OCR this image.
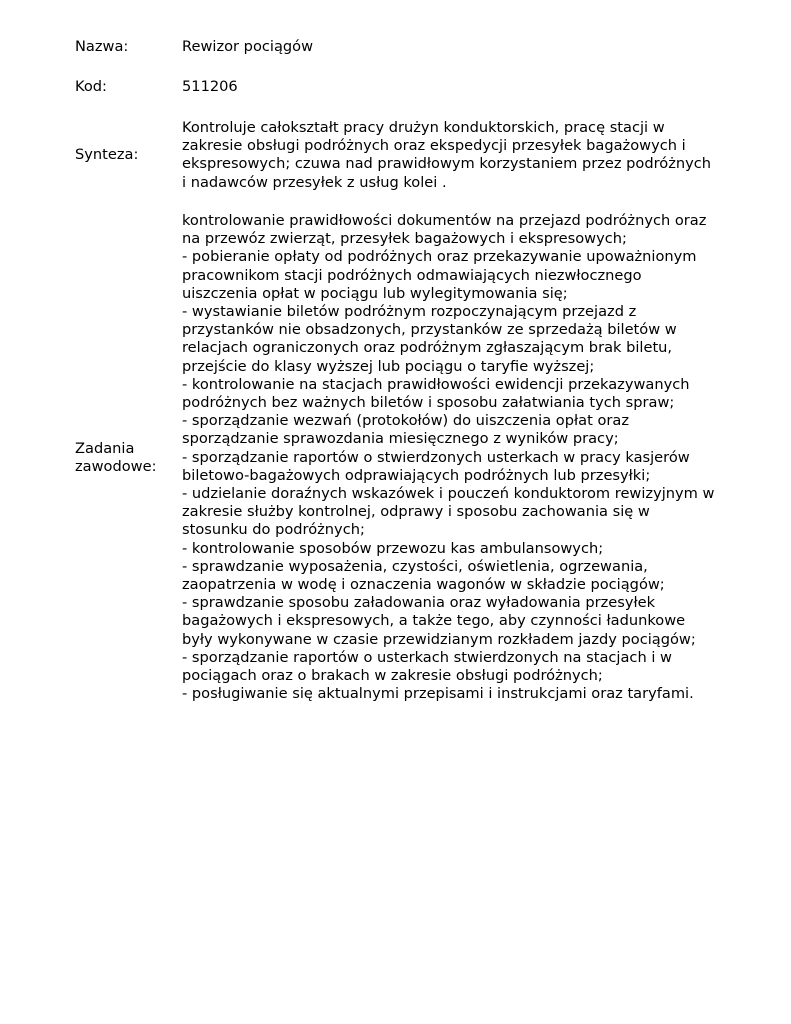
Nazwa:	Rewizor pociągów
Kod:	511206
Synteza:
Kontroluje całokształt pracy drużyn konduktorskich, pracę stacji w
zakresie obsługi podróżnych oraz ekspedycji przesyłek bagażowych i
ekspresowych; czuwa nad prawidłowym korzystaniem przez podróżnych
i nadawców przesyłek z usług kolei .
Zadania
zawodowe:
kontrolowanie prawidłowości dokumentów na przejazd podróżnych oraz
na przewóz zwierząt, przesyłek bagażowych i ekspresowych;
- pobieranie opłaty od podróżnych oraz przekazywanie upoważnionym
pracownikom stacji podróżnych odmawiających niezwłocznego
uiszczenia opłat w pociągu lub wylegitymowania się;
- wystawianie biletów podróżnym rozpoczynającym przejazd z
przystanków nie obsadzonych, przystanków ze sprzedażą biletów w
relacjach ograniczonych oraz podróżnym zgłaszającym brak biletu,
przejście do klasy wyższej lub pociągu o taryfie wyższej;
- kontrolowanie na stacjach prawidłowości ewidencji przekazywanych
podróżnych bez ważnych biletów i sposobu załatwiania tych spraw;
- sporządzanie wezwań (protokołów) do uiszczenia opłat oraz
sporządzanie sprawozdania miesięcznego z wyników pracy;
- sporządzanie raportów o stwierdzonych usterkach w pracy kasjerów
biletowo-bagażowych odprawiających podróżnych lub przesyłki;
- udzielanie doraźnych wskazówek i pouczeń konduktorom rewizyjnym w
zakresie służby kontrolnej, odprawy i sposobu zachowania się w
stosunku do podróżnych;
- kontrolowanie sposobów przewozu kas ambulansowych;
- sprawdzanie wyposażenia, czystości, oświetlenia, ogrzewania,
zaopatrzenia w wodę i oznaczenia wagonów w składzie pociągów;
- sprawdzanie sposobu załadowania oraz wyładowania przesyłek
bagażowych i ekspresowych, a także tego, aby czynności ładunkowe
były wykonywane w czasie przewidzianym rozkładem jazdy pociągów;
- sporządzanie raportów o usterkach stwierdzonych na stacjach i w
pociągach oraz o brakach w zakresie obsługi podróżnych;
- posługiwanie się aktualnymi przepisami i instrukcjami oraz taryfami.
